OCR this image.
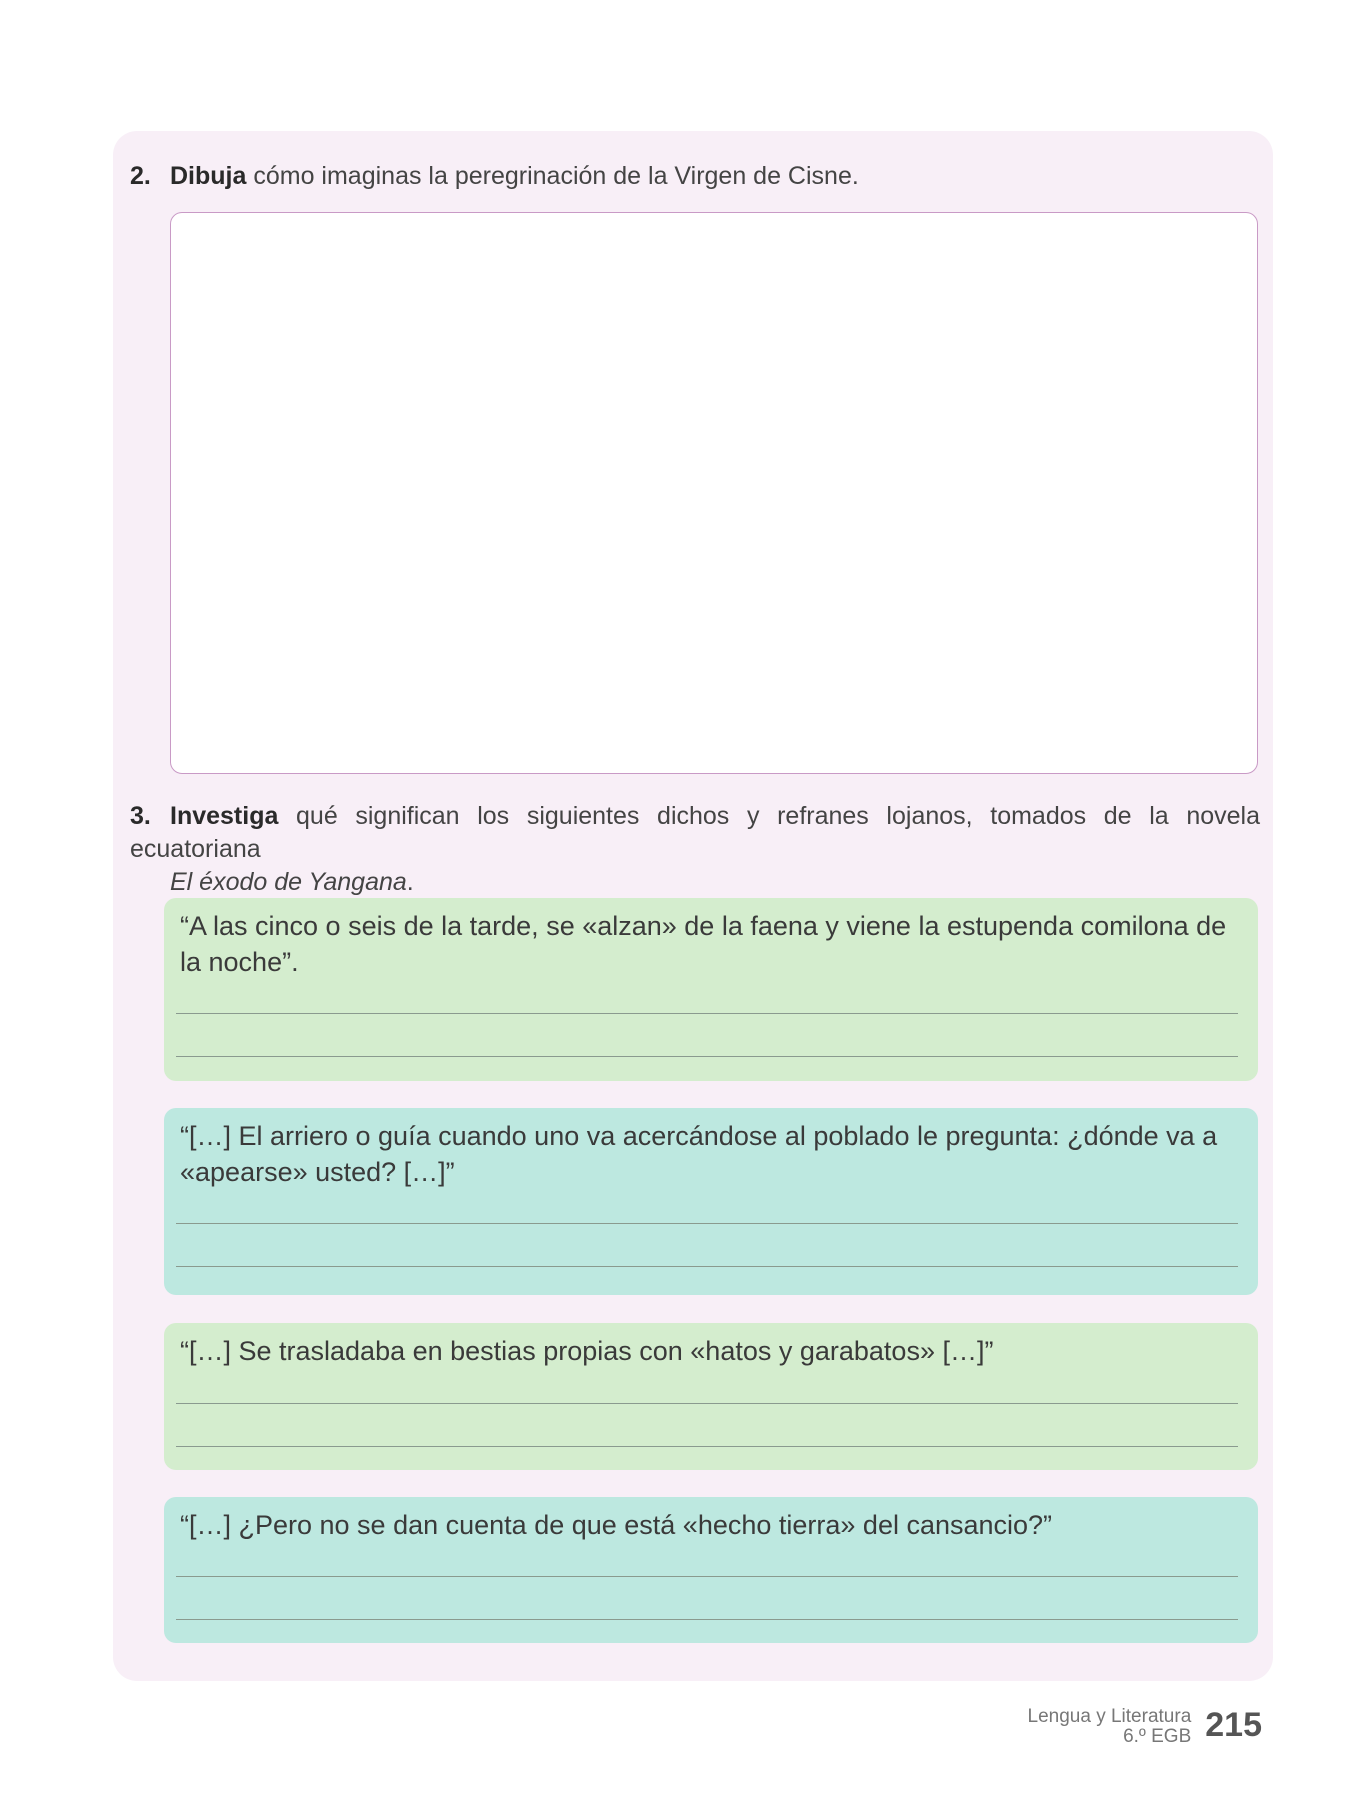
2. Dibuja cómo imaginas la peregrinación de la Virgen de Cisne.
3. Investiga qué significan los siguientes dichos y refranes lojanos, tomados de la novela ecuatoriana
El éxodo de Yangana.
“A las cinco o seis de la tarde, se «alzan» de la faena y viene la estupenda comilona de la noche”.
“[…] El arriero o guía cuando uno va acercándose al poblado le pregunta: ¿dónde va a «apearse» usted? […]”
“[…] Se trasladaba en bestias propias con «hatos y garabatos» […]”
“[…] ¿Pero no se dan cuenta de que está «hecho tierra» del cansancio?”
Lengua y Literatura
6.º EGB 215
